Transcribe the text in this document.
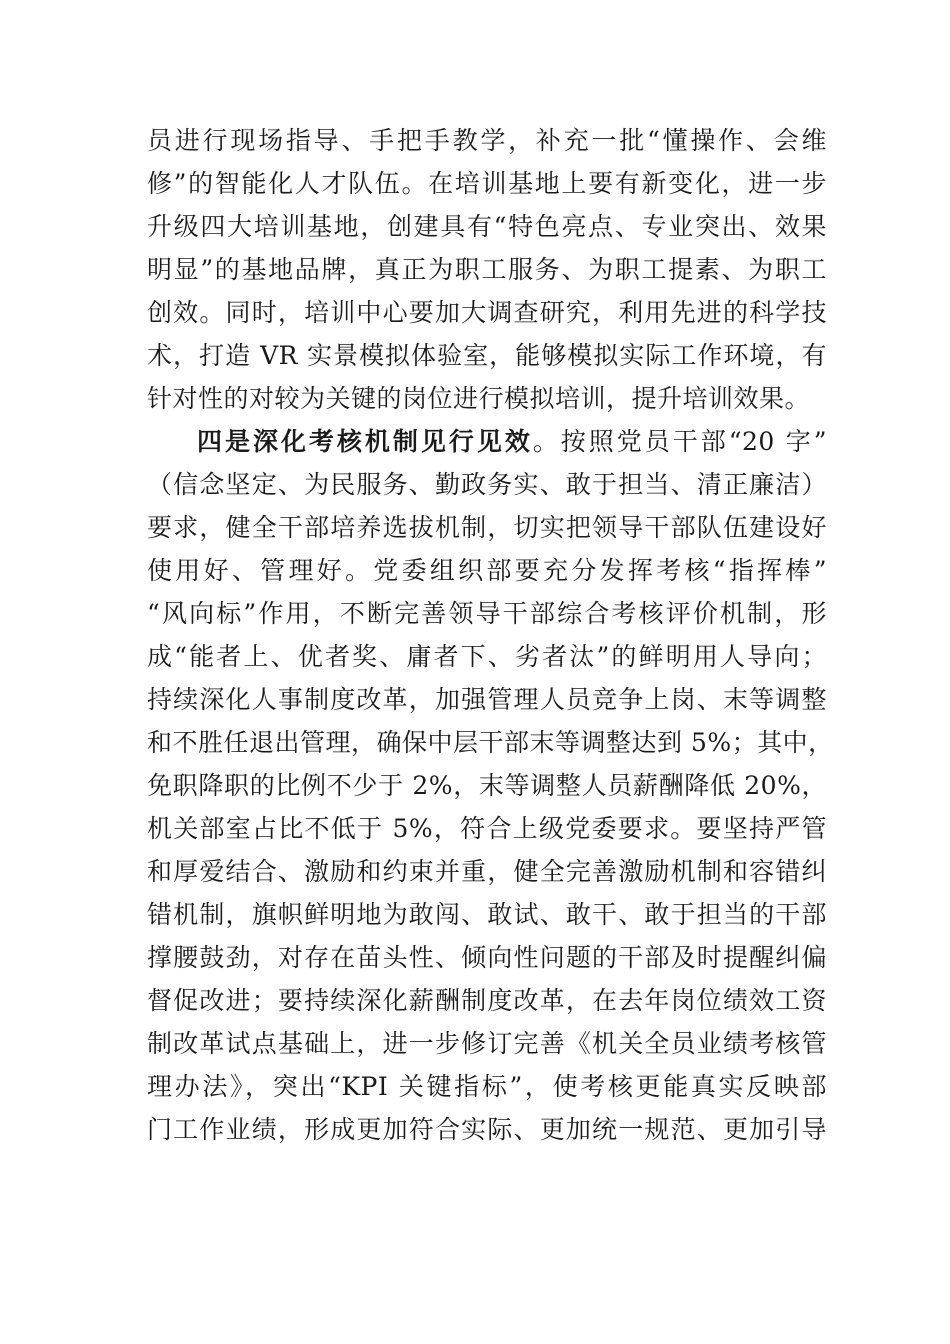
员进行现场指导、手把手教学，补充一批“懂操作、会维
修”的智能化人才队伍。在培训基地上要有新变化，进一步
升级四大培训基地，创建具有“特色亮点、专业突出、效果
明显”的基地品牌，真正为职工服务、为职工提素、为职工
创效。同时，培训中心要加大调查研究，利用先进的科学技
术，打造 VR 实景模拟体验室，能够模拟实际工作环境，有
针对性的对较为关键的岗位进行模拟培训，提升培训效果。
四是深化考核机制见行见效。按照党员干部“20 字”
（信念坚定、为民服务、勤政务实、敢于担当、清正廉洁）
要求，健全干部培养选拔机制，切实把领导干部队伍建设好
使用好、管理好。党委组织部要充分发挥考核“指挥棒”
“风向标”作用，不断完善领导干部综合考核评价机制，形
成“能者上、优者奖、庸者下、劣者汰”的鲜明用人导向；
持续深化人事制度改革，加强管理人员竞争上岗、末等调整
和不胜任退出管理，确保中层干部末等调整达到 5%；其中，
免职降职的比例不少于 2%，末等调整人员薪酬降低 20%，
机关部室占比不低于 5%，符合上级党委要求。要坚持严管
和厚爱结合、激励和约束并重，健全完善激励机制和容错纠
错机制，旗帜鲜明地为敢闯、敢试、敢干、敢于担当的干部
撑腰鼓劲，对存在苗头性、倾向性问题的干部及时提醒纠偏
督促改进；要持续深化薪酬制度改革，在去年岗位绩效工资
制改革试点基础上，进一步修订完善《机关全员业绩考核管
理办法》，突出“KPI 关键指标”，使考核更能真实反映部
门工作业绩，形成更加符合实际、更加统一规范、更加引导
